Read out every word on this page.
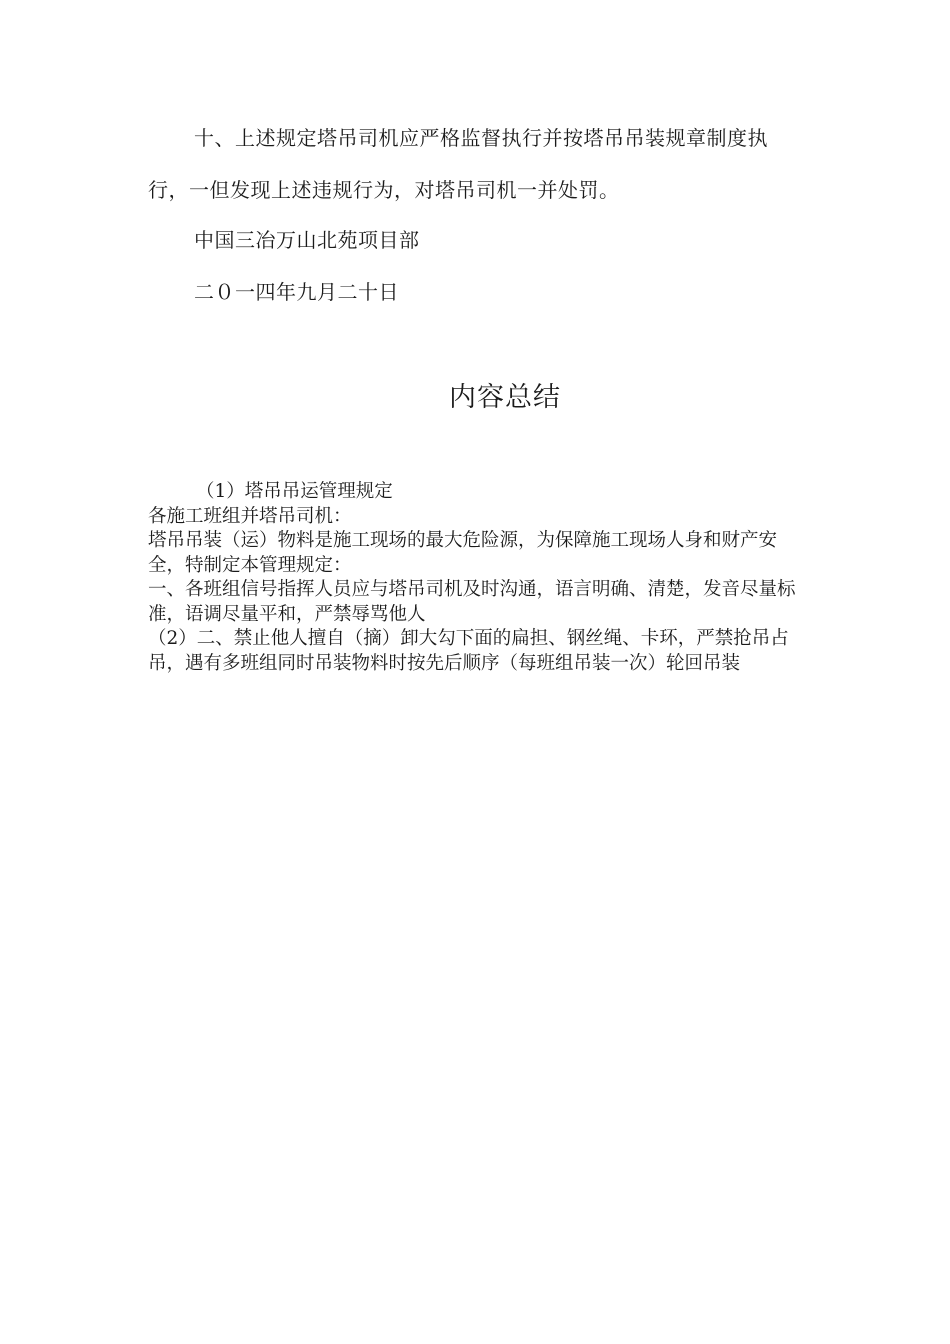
十、上述规定塔吊司机应严格监督执行并按塔吊吊装规章制度执行，一但发现上述违规行为，对塔吊司机一并处罚。
中国三冶万山北苑项目部
二０一四年九月二十日
内容总结

（1）塔吊吊运管理规定

各施工班组并塔吊司机：

塔吊吊装（运）物料是施工现场的最大危险源，为保障施工现场人身和财产安全，特制定本管理规定：

一、各班组信号指挥人员应与塔吊司机及时沟通，语言明确、清楚，发音尽量标准，语调尽量平和，严禁辱骂他人

（2）二、禁止他人擅自（摘）卸大勾下面的扁担、钢丝绳、卡环，严禁抢吊占吊，遇有多班组同时吊装物料时按先后顺序（每班组吊装一次）轮回吊装
